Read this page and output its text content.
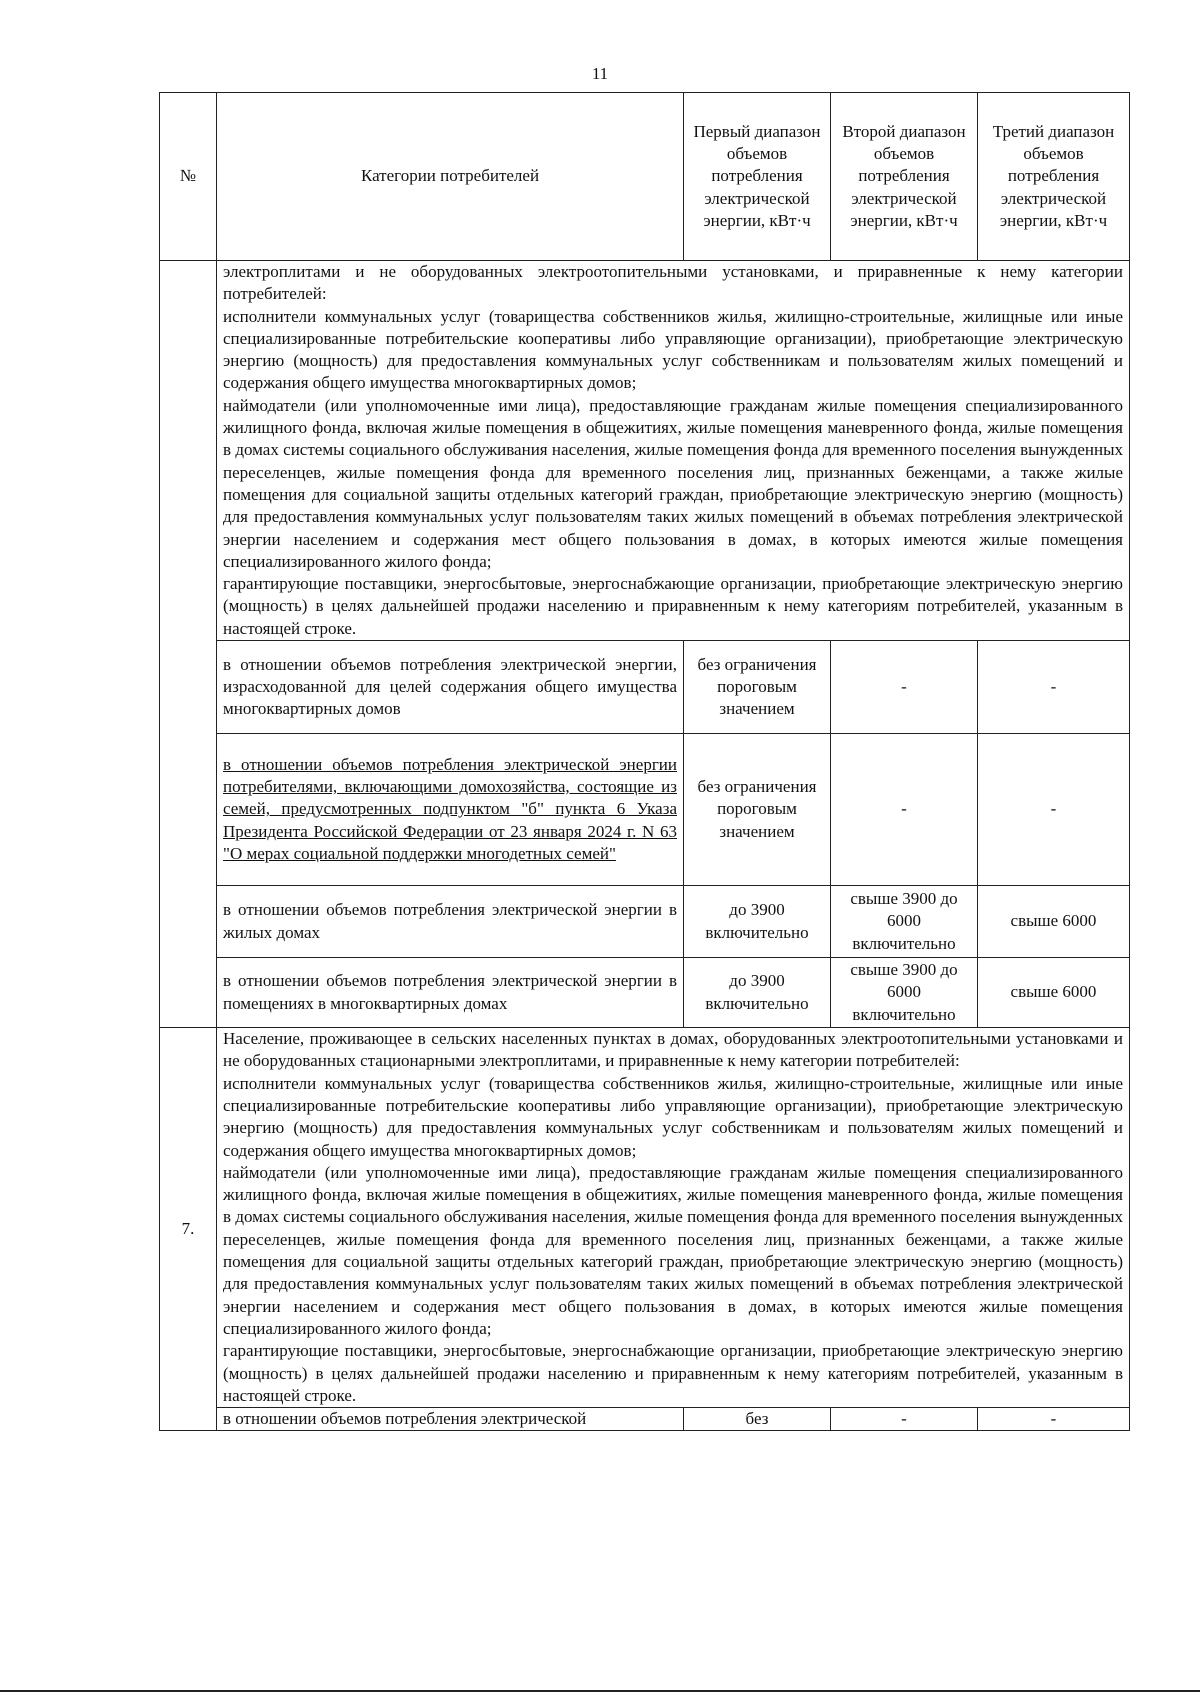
11
№	Категории потребителей	Первый диапазон объемов потребления электрической энергии, кВт·ч	Второй диапазон объемов потребления электрической энергии, кВт·ч	Третий диапазон объемов потребления электрической энергии, кВт·ч

	электроплитами и не оборудованных электроотопительными установками, и приравненные к нему категории потребителей:

исполнители коммунальных услуг (товарищества собственников жилья, жилищно-строительные, жилищные или иные специализированные потребительские кооперативы либо управляющие организации), приобретающие электрическую энергию (мощность) для предоставления коммунальных услуг собственникам и пользователям жилых помещений и содержания общего имущества многоквартирных домов;

наймодатели (или уполномоченные ими лица), предоставляющие гражданам жилые помещения специализированного жилищного фонда, включая жилые помещения в общежитиях, жилые помещения маневренного фонда, жилые помещения в домах системы социального обслуживания населения, жилые помещения фонда для временного поселения вынужденных переселенцев, жилые помещения фонда для временного поселения лиц, признанных беженцами, а также жилые помещения для социальной защиты отдельных категорий граждан, приобретающие электрическую энергию (мощность) для предоставления коммунальных услуг пользователям таких жилых помещений в объемах потребления электрической энергии населением и содержания мест общего пользования в домах, в которых имеются жилые помещения специализированного жилого фонда;

гарантирующие поставщики, энергосбытовые, энергоснабжающие организации, приобретающие электрическую энергию (мощность) в целях дальнейшей продажи населению и приравненным к нему категориям потребителей, указанным в настоящей строке.			

	в отношении объемов потребления электрической энергии, израсходованной для целей содержания общего имущества многоквартирных домов	без ограничения пороговым значением	-	-
	в отношении объемов потребления электрической энергии потребителями, включающими домохозяйства, состоящие из семей, предусмотренных подпунктом "б" пункта 6 Указа Президента Российской Федерации от 23 января 2024 г. N 63 "О мерах социальной поддержки многодетных семей"	без ограничения пороговым значением	-	-
	в отношении объемов потребления электрической энергии в жилых домах	до 3900 включительно	свыше 3900 до 6000 включительно	свыше 6000
	в отношении объемов потребления электрической энергии в помещениях в многоквартирных домах	до 3900 включительно	свыше 3900 до 6000 включительно	свыше 6000
7.	Население, проживающее в сельских населенных пунктах в домах, оборудованных электроотопительными установками и не оборудованных стационарными электроплитами, и приравненные к нему категории потребителей:

исполнители коммунальных услуг (товарищества собственников жилья, жилищно-строительные, жилищные или иные специализированные потребительские кооперативы либо управляющие организации), приобретающие электрическую энергию (мощность) для предоставления коммунальных услуг собственникам и пользователям жилых помещений и содержания общего имущества многоквартирных домов;

наймодатели (или уполномоченные ими лица), предоставляющие гражданам жилые помещения специализированного жилищного фонда, включая жилые помещения в общежитиях, жилые помещения маневренного фонда, жилые помещения в домах системы социального обслуживания населения, жилые помещения фонда для временного поселения вынужденных переселенцев, жилые помещения фонда для временного поселения лиц, признанных беженцами, а также жилые помещения для социальной защиты отдельных категорий граждан, приобретающие электрическую энергию (мощность) для предоставления коммунальных услуг пользователям таких жилых помещений в объемах потребления электрической энергии населением и содержания мест общего пользования в домах, в которых имеются жилые помещения специализированного жилого фонда;

гарантирующие поставщики, энергосбытовые, энергоснабжающие организации, приобретающие электрическую энергию (мощность) в целях дальнейшей продажи населению и приравненным к нему категориям потребителей, указанным в настоящей строке.			

	в отношении объемов потребления электрической	без	-	-
